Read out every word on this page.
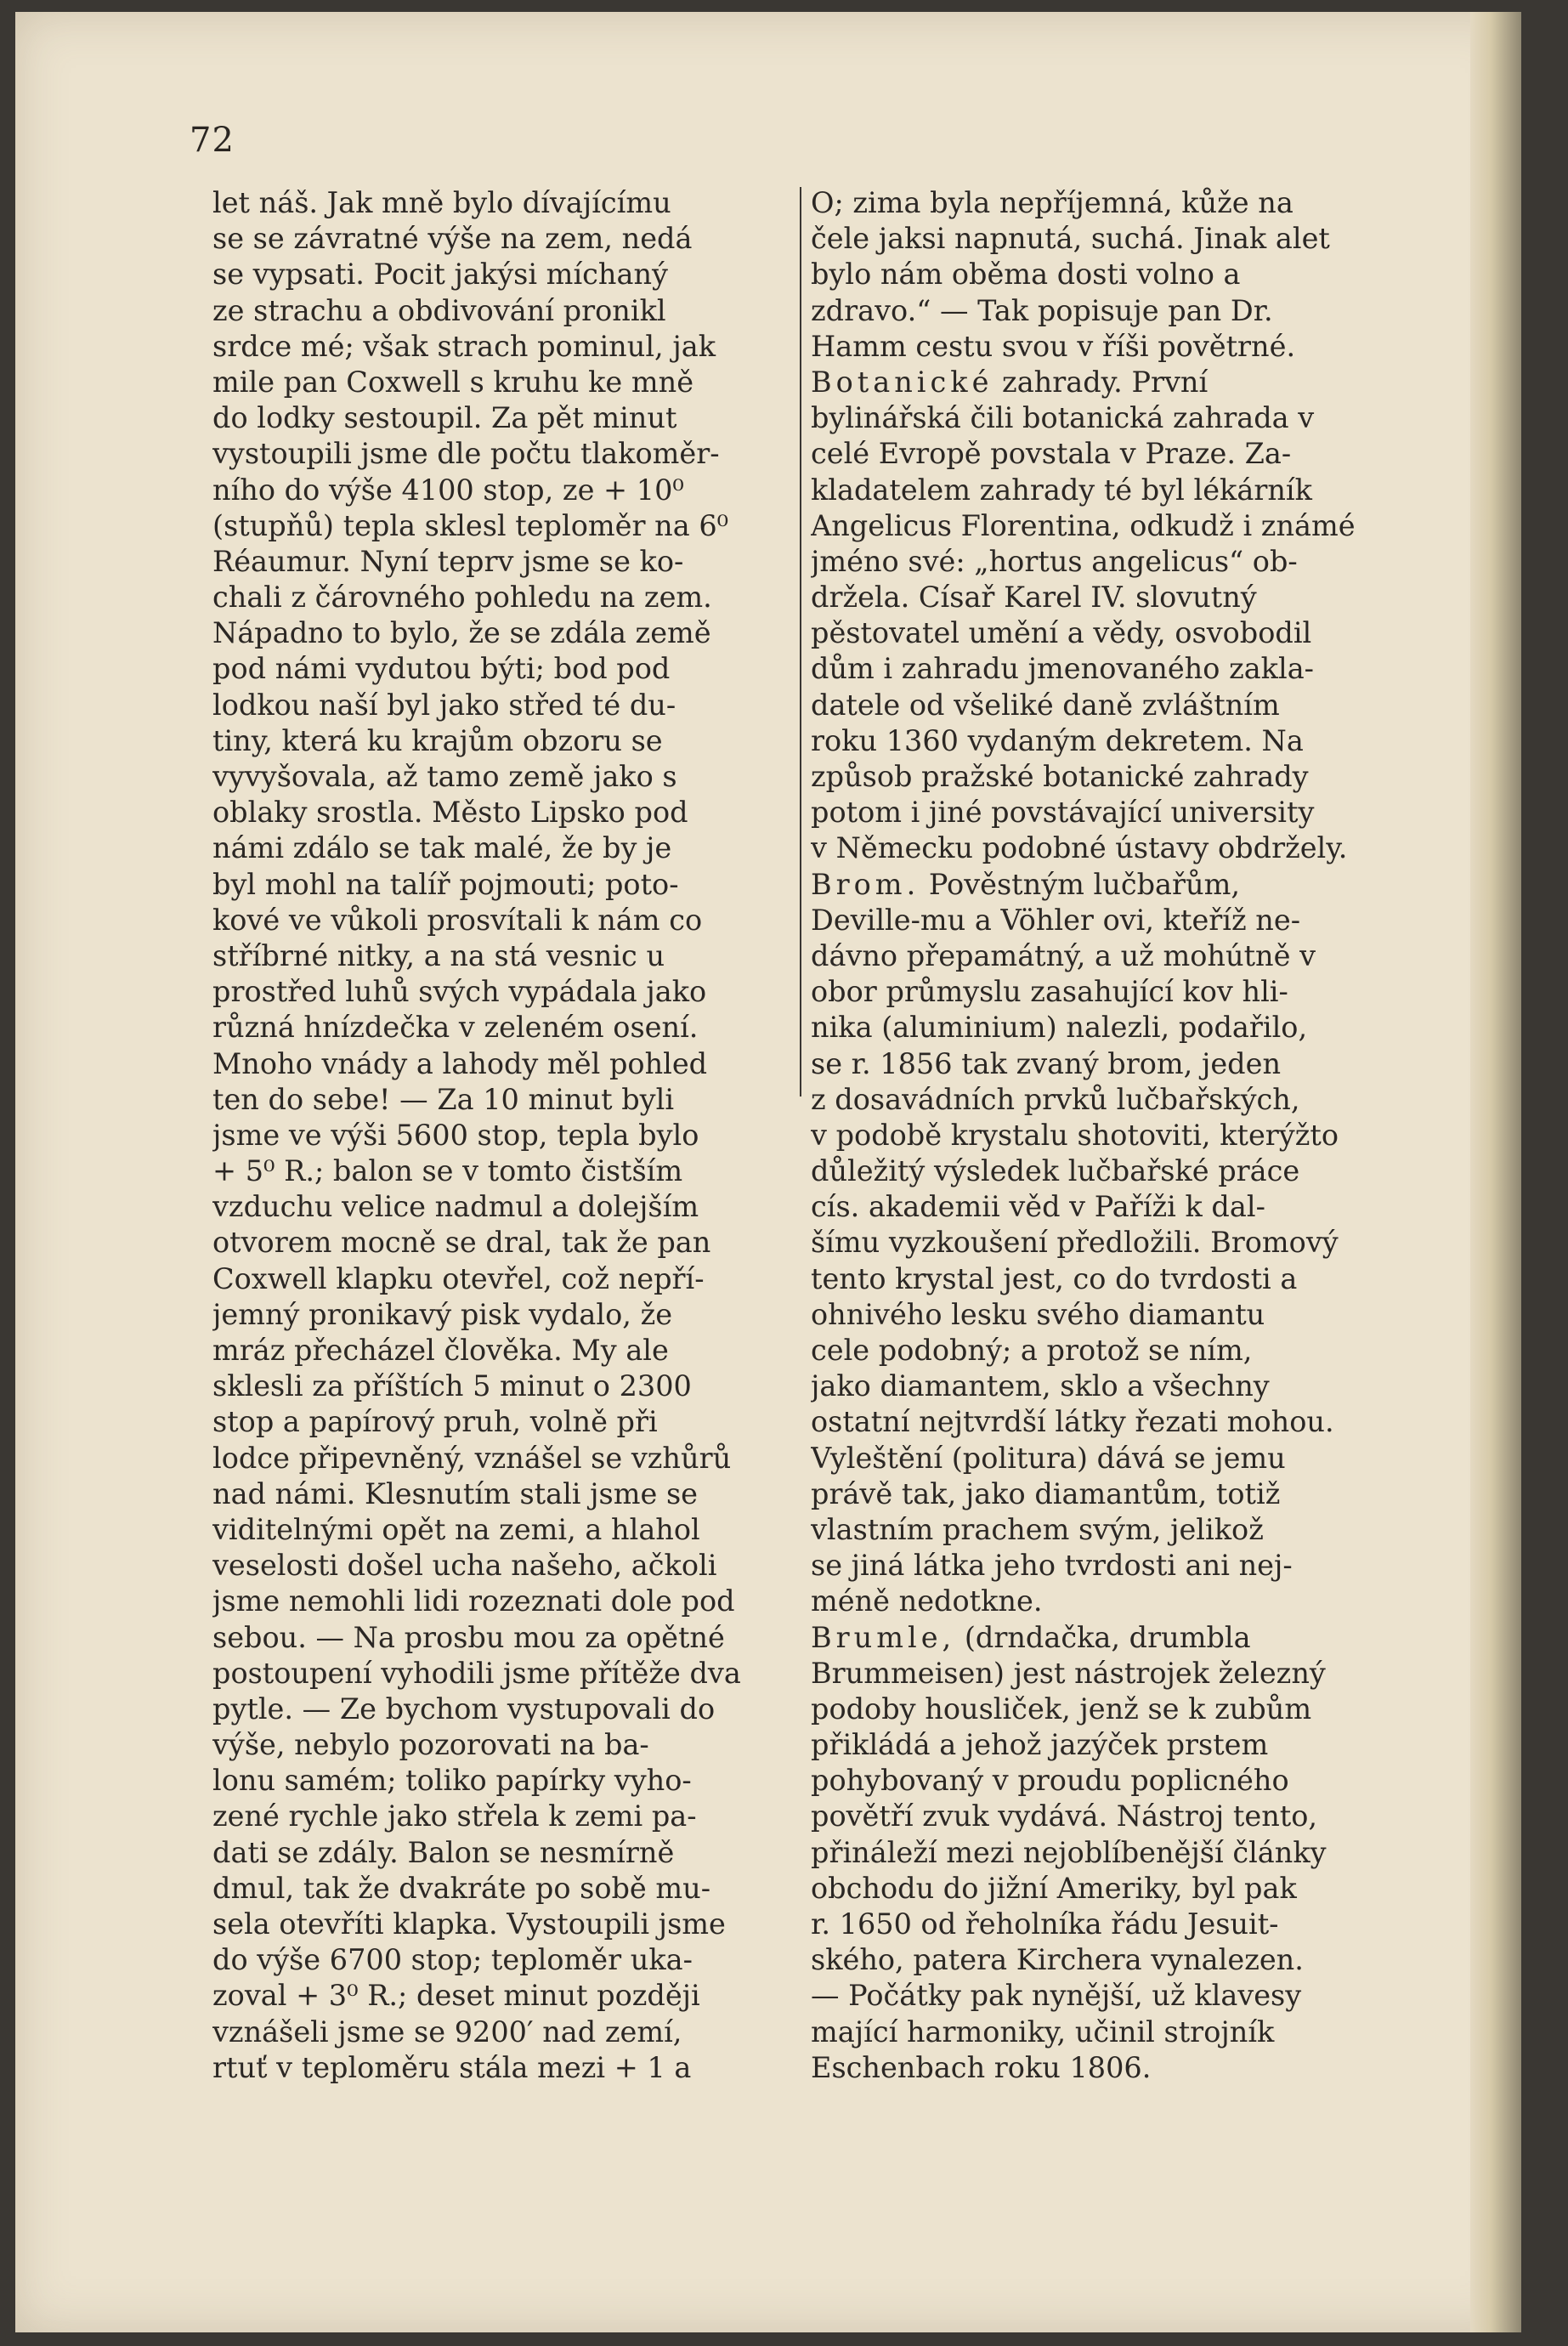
72
let náš. Jak mně bylo dívajícímu
se se závratné výše na zem, nedá
se vypsati. Pocit jakýsi míchaný
ze strachu a obdivování pronikl
srdce mé; však strach pominul, jak
mile pan Coxwell s kruhu ke mně
do lodky sestoupil. Za pět minut
vystoupili jsme dle počtu tlakoměr-
ního do výše 4100 stop, ze + 10⁰
(stupňů) tepla sklesl teploměr na 6⁰
Réaumur. Nyní teprv jsme se ko-
chali z čárovného pohledu na zem.
Nápadno to bylo, že se zdála země
pod námi vydutou býti; bod pod
lodkou naší byl jako střed té du-
tiny, která ku krajům obzoru se
vyvyšovala, až tamo země jako s
oblaky srostla. Město Lipsko pod
námi zdálo se tak malé, že by je
byl mohl na talíř pojmouti; poto-
kové ve vůkoli prosvítali k nám co
stříbrné nitky, a na stá vesnic u
prostřed luhů svých vypádala jako
různá hnízdečka v zeleném osení.
Mnoho vnády a lahody měl pohled
ten do sebe! — Za 10 minut byli
jsme ve výši 5600 stop, tepla bylo
+ 5⁰ R.; balon se v tomto čistším
vzduchu velice nadmul a dolejším
otvorem mocně se dral, tak že pan
Coxwell klapku otevřel, což nepří-
jemný pronikavý pisk vydalo, že
mráz přecházel člověka. My ale
sklesli za příštích 5 minut o 2300
stop a papírový pruh, volně při
lodce připevněný, vznášel se vzhůrů
nad námi. Klesnutím stali jsme se
viditelnými opět na zemi, a hlahol
veselosti došel ucha našeho, ačkoli
jsme nemohli lidi rozeznati dole pod
sebou. — Na prosbu mou za opětné
postoupení vyhodili jsme přítěže dva
pytle. — Ze bychom vystupovali do
výše, nebylo pozorovati na ba-
lonu samém; toliko papírky vyho-
zené rychle jako střela k zemi pa-
dati se zdály. Balon se nesmírně
dmul, tak že dvakráte po sobě mu-
sela otevříti klapka. Vystoupili jsme
do výše 6700 stop; teploměr uka-
zoval + 3⁰ R.; deset minut později
vznášeli jsme se 9200′ nad zemí,
rtuť v teploměru stála mezi + 1 a
O; zima byla nepříjemná, kůže na
čele jaksi napnutá, suchá. Jinak alet
bylo nám oběma dosti volno a
zdravo.“ — Tak popisuje pan Dr.
Hamm cestu svou v říši povětrné.
Botanické zahrady. První
bylinářská čili botanická zahrada v
celé Evropě povstala v Praze. Za-
kladatelem zahrady té byl lékárník
Angelicus Florentina, odkudž i známé
jméno své: „hortus angelicus“ ob-
držela. Císař Karel IV. slovutný
pěstovatel umění a vědy, osvobodil
dům i zahradu jmenovaného zakla-
datele od všeliké daně zvláštním
roku 1360 vydaným dekretem. Na
způsob pražské botanické zahrady
potom i jiné povstávající university
v Německu podobné ústavy obdržely.
Brom. Pověstným lučbařům,
Deville-mu a Vöhler ovi, kteříž ne-
dávno přepamátný, a už mohútně v
obor průmyslu zasahující kov hli-
nika (aluminium) nalezli, podařilo,
se r. 1856 tak zvaný brom, jeden
z dosavádních prvků lučbařských,
v podobě krystalu shotoviti, kterýžto
důležitý výsledek lučbařské práce
cís. akademii věd v Paříži k dal-
šímu vyzkoušení předložili. Bromový
tento krystal jest, co do tvrdosti a
ohnivého lesku svého diamantu
cele podobný; a protož se ním,
jako diamantem, sklo a všechny
ostatní nejtvrdší látky řezati mohou.
Vyleštění (politura) dává se jemu
právě tak, jako diamantům, totiž
vlastním prachem svým, jelikož
se jiná látka jeho tvrdosti ani nej-
méně nedotkne.
Brumle, (drndačka, drumbla
Brummeisen) jest nástrojek železný
podoby housliček, jenž se k zubům
přikládá a jehož jazýček prstem
pohybovaný v proudu poplicného
povětří zvuk vydává. Nástroj tento,
přináleží mezi nejoblíbenější články
obchodu do jižní Ameriky, byl pak
r. 1650 od řeholníka řádu Jesuit-
ského, patera Kirchera vynalezen.
— Počátky pak nynější, už klavesy
mající harmoniky, učinil strojník
Eschenbach roku 1806.
